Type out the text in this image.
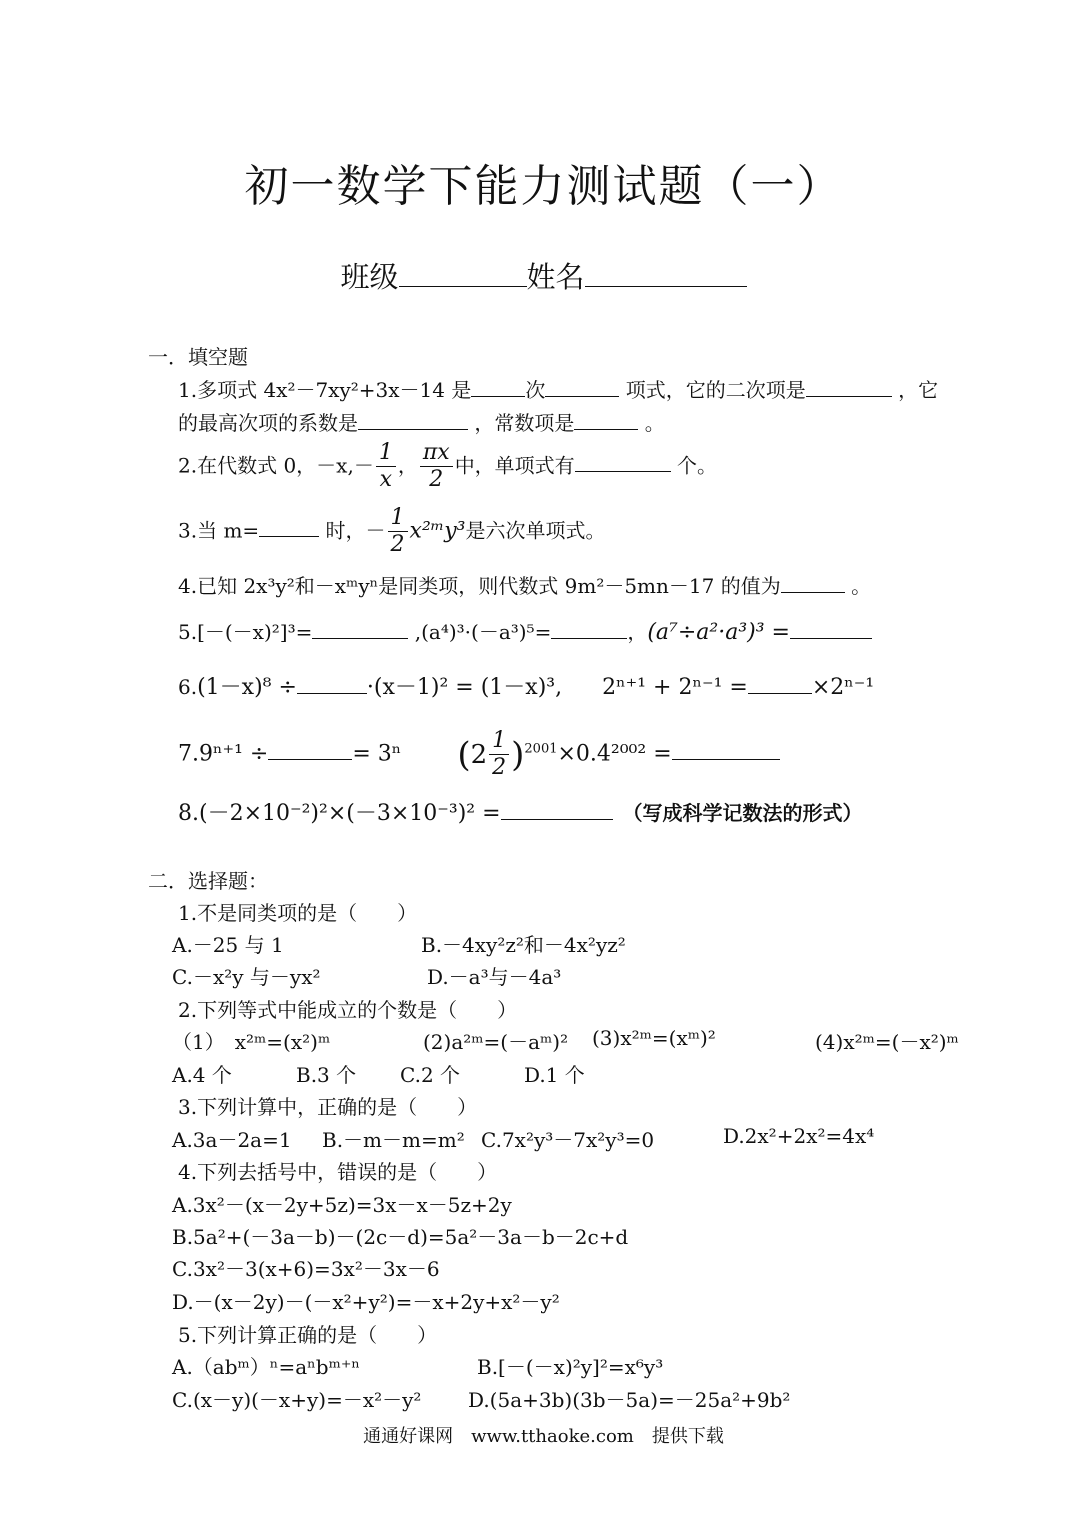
初一数学下能力测试题（一）
班级	姓名
一．填空题
1.多项式 4x²－7xy²+3x－14 是	次	项式，它的二次项是	，它
的最高次项的系数是	，常数项是	。
2.在代数式 0，$-x,- \frac{1}{x}$ ， $\frac{\pi x}{2}$ 中，单项式有	个。
3.当 m=	时，－ $\frac{1}{2}$ x²ᵐy³是六次单项式。
4.已知 2x³y²和－xᵐyⁿ是同类项，则代数式 9m²－5mn－17 的值为	。
5.[－(－x)²]³=	,(a⁴)³·(－a³)⁵=	，(a⁷÷a²·a³)³ =
6.(1－x)⁸ ÷	·(x－1)² = (1－x)³, 2ⁿ⁺¹ + 2ⁿ⁻¹ =	×2ⁿ⁻¹
7.9ⁿ⁺¹ ÷	= 3ⁿ $(2 \frac{1}{2} )^{2001}\times 0.4^{2002}$ =
8.(－2×10⁻²)²×(－3×10⁻³)² =	（写成科学记数法的形式）
二．选择题：
1.不是同类项的是（　　）
A.－25 与 1	B.－4xy²z²和－4x²yz²
C.－x²y 与－yx²	D.－a³与－4a³
2.下列等式中能成立的个数是（　　）
（1）　x²ᵐ=(x²)ᵐ	(2)a²ᵐ=(－aᵐ)² (3)x²ᵐ=(xᵐ)²	(4)x²ᵐ=(－x²)ᵐ
A.4 个	B.3 个 C.2 个	D.1 个
3.下列计算中，正确的是（　　）
A.3a－2a=1 B.－m－m=m² C.7x²y³－7x²y³=0	D.2x²+2x²=4x⁴
4.下列去括号中，错误的是（　　）
A.3x²－(x－2y+5z)=3x－x－5z+2y
B.5a²+(－3a－b)－(2c－d)=5a²－3a－b－2c+d
C.3x²－3(x+6)=3x²－3x－6
D.－(x－2y)－(－x²+y²)=－x+2y+x²－y²
5.下列计算正确的是（　　）
A.（abᵐ）ⁿ=aⁿbᵐ⁺ⁿ	B.[－(－x)²y]²=x⁶y³
C.(x－y)(－x+y)=－x²－y² D.(5a+3b)(3b－5a)=－25a²+9b²
通通好课网　www.tthaoke.com　提供下载
